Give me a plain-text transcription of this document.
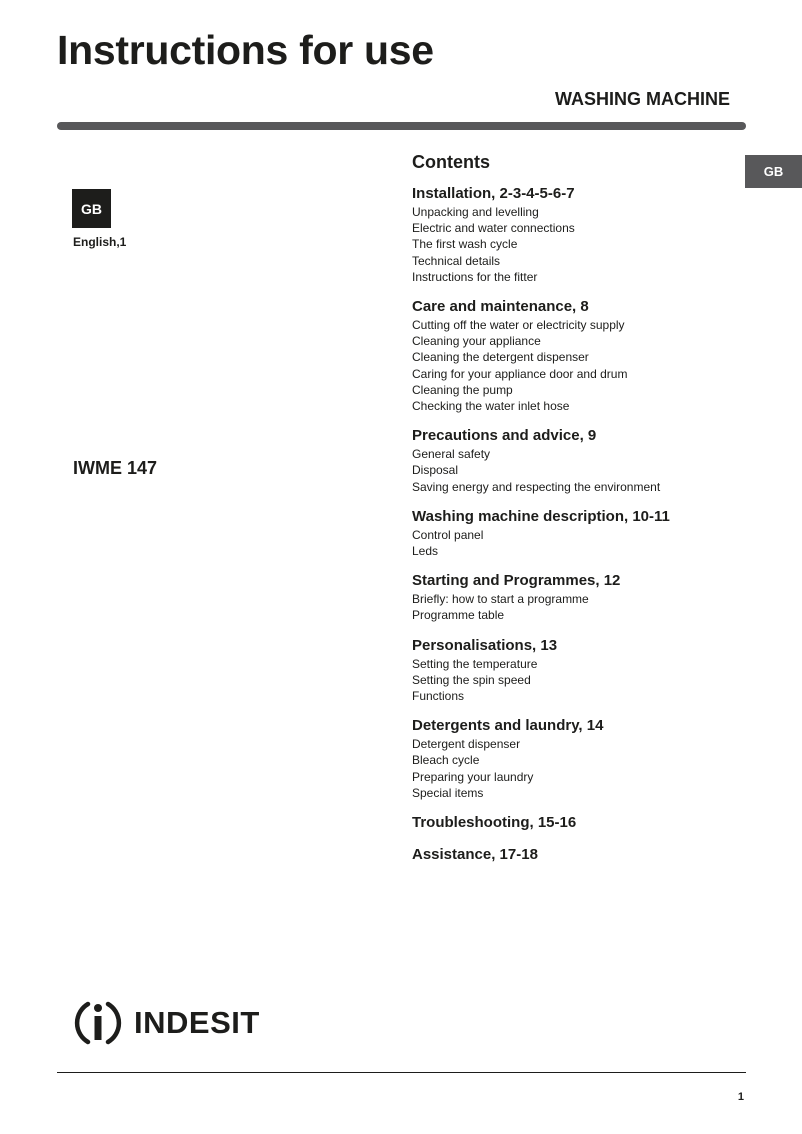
Instructions for use
WASHING MACHINE
GB
GB
English,1
IWME 147
Contents
Installation, 2-3-4-5-6-7
Unpacking and levelling
Electric and water connections
The first wash cycle
Technical details
Instructions for the fitter
Care and maintenance, 8
Cutting off the water or electricity supply
Cleaning your appliance
Cleaning the detergent dispenser
Caring for your appliance door and drum
Cleaning the pump
Checking the water inlet hose
Precautions and advice, 9
General safety
Disposal
Saving energy and respecting the environment
Washing machine description, 10-11
Control panel
Leds
Starting and Programmes, 12
Briefly: how to start a programme
Programme table
Personalisations, 13
Setting the temperature
Setting the spin speed
Functions
Detergents and laundry, 14
Detergent dispenser
Bleach cycle
Preparing your laundry
Special items
Troubleshooting, 15-16
Assistance, 17-18
INDESIT
1
